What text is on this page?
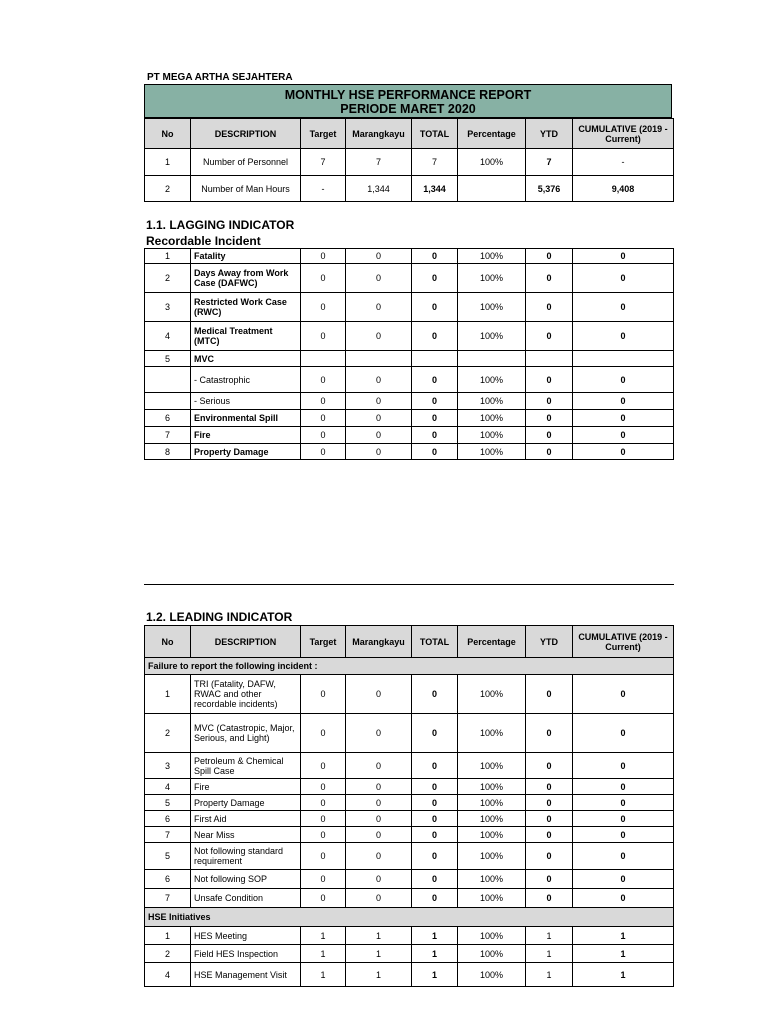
PT MEGA ARTHA SEJAHTERA
MONTHLY HSE PERFORMANCE REPORT
PERIODE MARET 2020
No	DESCRIPTION	Target	Marangkayu	TOTAL	Percentage	YTD	CUMULATIVE (2019 - Current)
1	Number of Personnel	7	7	7	100%	7	-
2	Number of Man Hours	-	1,344	1,344		5,376	9,408
1.1. LAGGING INDICATOR
Recordable Incident
1	Fatality	0	0	0	100%	0	0
2	Days Away from Work Case (DAFWC)	0	0	0	100%	0	0
3	Restricted Work Case (RWC)	0	0	0	100%	0	0
4	Medical Treatment (MTC)	0	0	0	100%	0	0
5	MVC						
	- Catastrophic	0	0	0	100%	0	0
	- Serious	0	0	0	100%	0	0
6	Environmental Spill	0	0	0	100%	0	0
7	Fire	0	0	0	100%	0	0
8	Property Damage	0	0	0	100%	0	0
1.2. LEADING INDICATOR
No	DESCRIPTION	Target	Marangkayu	TOTAL	Percentage	YTD	CUMULATIVE (2019 - Current)
Failure to report the following incident :							
1	TRI (Fatality, DAFW, RWAC and other recordable incidents)	0	0	0	100%	0	0
2	MVC (Catastropic, Major, Serious, and Light)	0	0	0	100%	0	0
3	Petroleum & Chemical Spill Case	0	0	0	100%	0	0
4	Fire	0	0	0	100%	0	0
5	Property Damage	0	0	0	100%	0	0
6	First Aid	0	0	0	100%	0	0
7	Near Miss	0	0	0	100%	0	0
5	Not following standard requirement	0	0	0	100%	0	0
6	Not following SOP	0	0	0	100%	0	0
7	Unsafe Condition	0	0	0	100%	0	0
HSE Initiatives							
1	HES Meeting	1	1	1	100%	1	1
2	Field HES Inspection	1	1	1	100%	1	1
4	HSE Management Visit	1	1	1	100%	1	1
